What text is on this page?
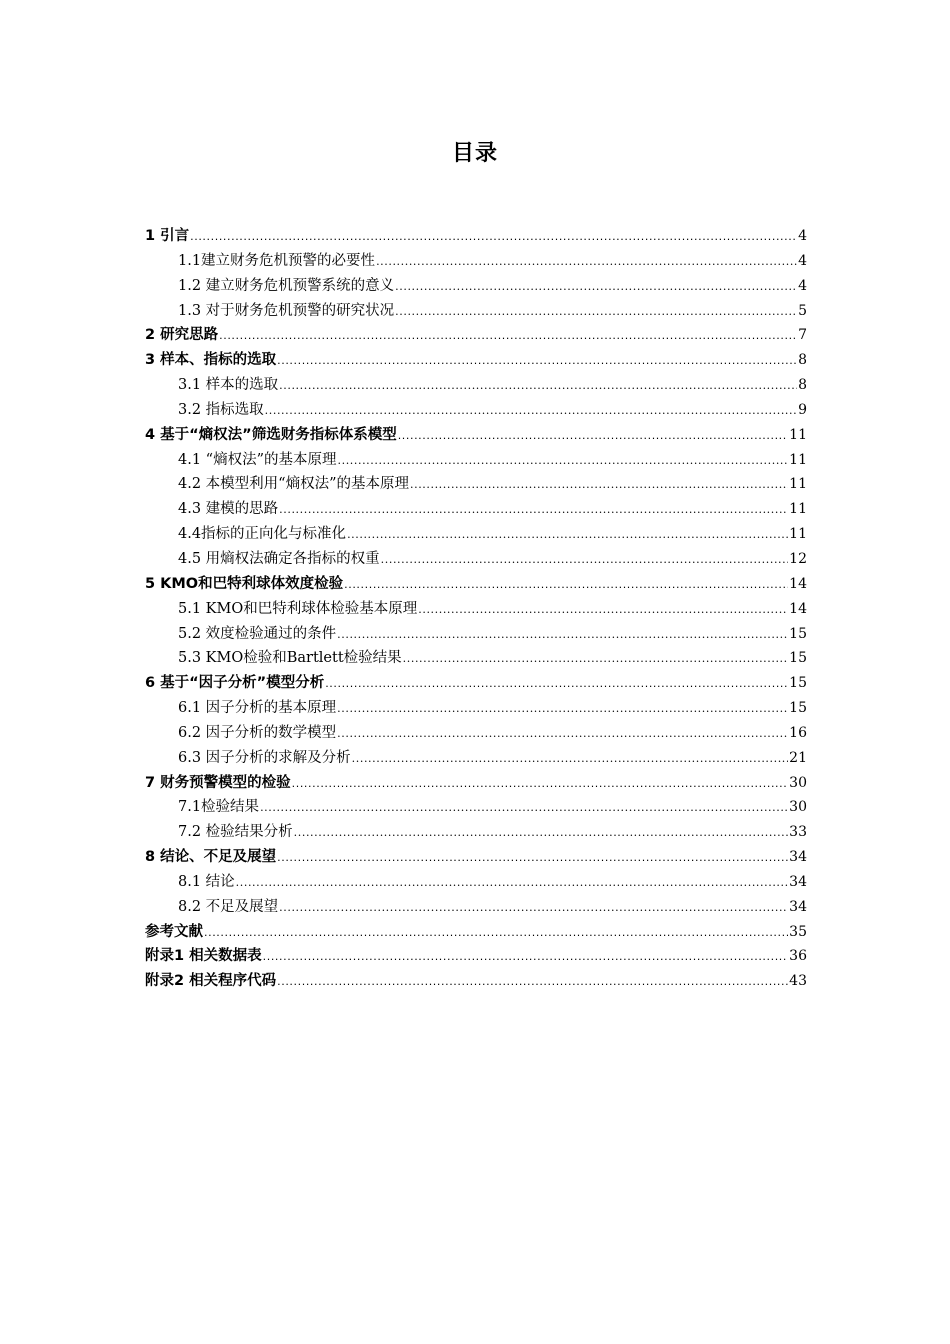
目录
1 引言 .....	4
1.1建立财务危机预警的必要性 .....	4
1.2 建立财务危机预警系统的意义 .....	4
1.3 对于财务危机预警的研究状况 .....	5
2 研究思路 .....	7
3 样本、指标的选取 .....	8
3.1 样本的选取 .....	8
3.2 指标选取 .....	9
4 基于“熵权法”筛选财务指标体系模型 .....	11
4.1 “熵权法”的基本原理 .....	11
4.2 本模型利用“熵权法”的基本原理 .....	11
4.3 建模的思路 .....	11
4.4指标的正向化与标准化 .....	11
4.5 用熵权法确定各指标的权重 .....	12
5 KMO和巴特利球体效度检验 .....	14
5.1 KMO和巴特利球体检验基本原理 .....	14
5.2 效度检验通过的条件 .....	15
5.3 KMO检验和Bartlett检验结果 .....	15
6 基于“因子分析”模型分析 .....	15
6.1 因子分析的基本原理 .....	15
6.2 因子分析的数学模型 .....	16
6.3 因子分析的求解及分析 .....	21
7 财务预警模型的检验 .....	30
7.1检验结果 .....	30
7.2 检验结果分析 .....	33
8 结论、不足及展望 .....	34
8.1 结论 .....	34
8.2 不足及展望 .....	34
参考文献 .....	35
附录1 相关数据表 .....	36
附录2 相关程序代码 .....	43
